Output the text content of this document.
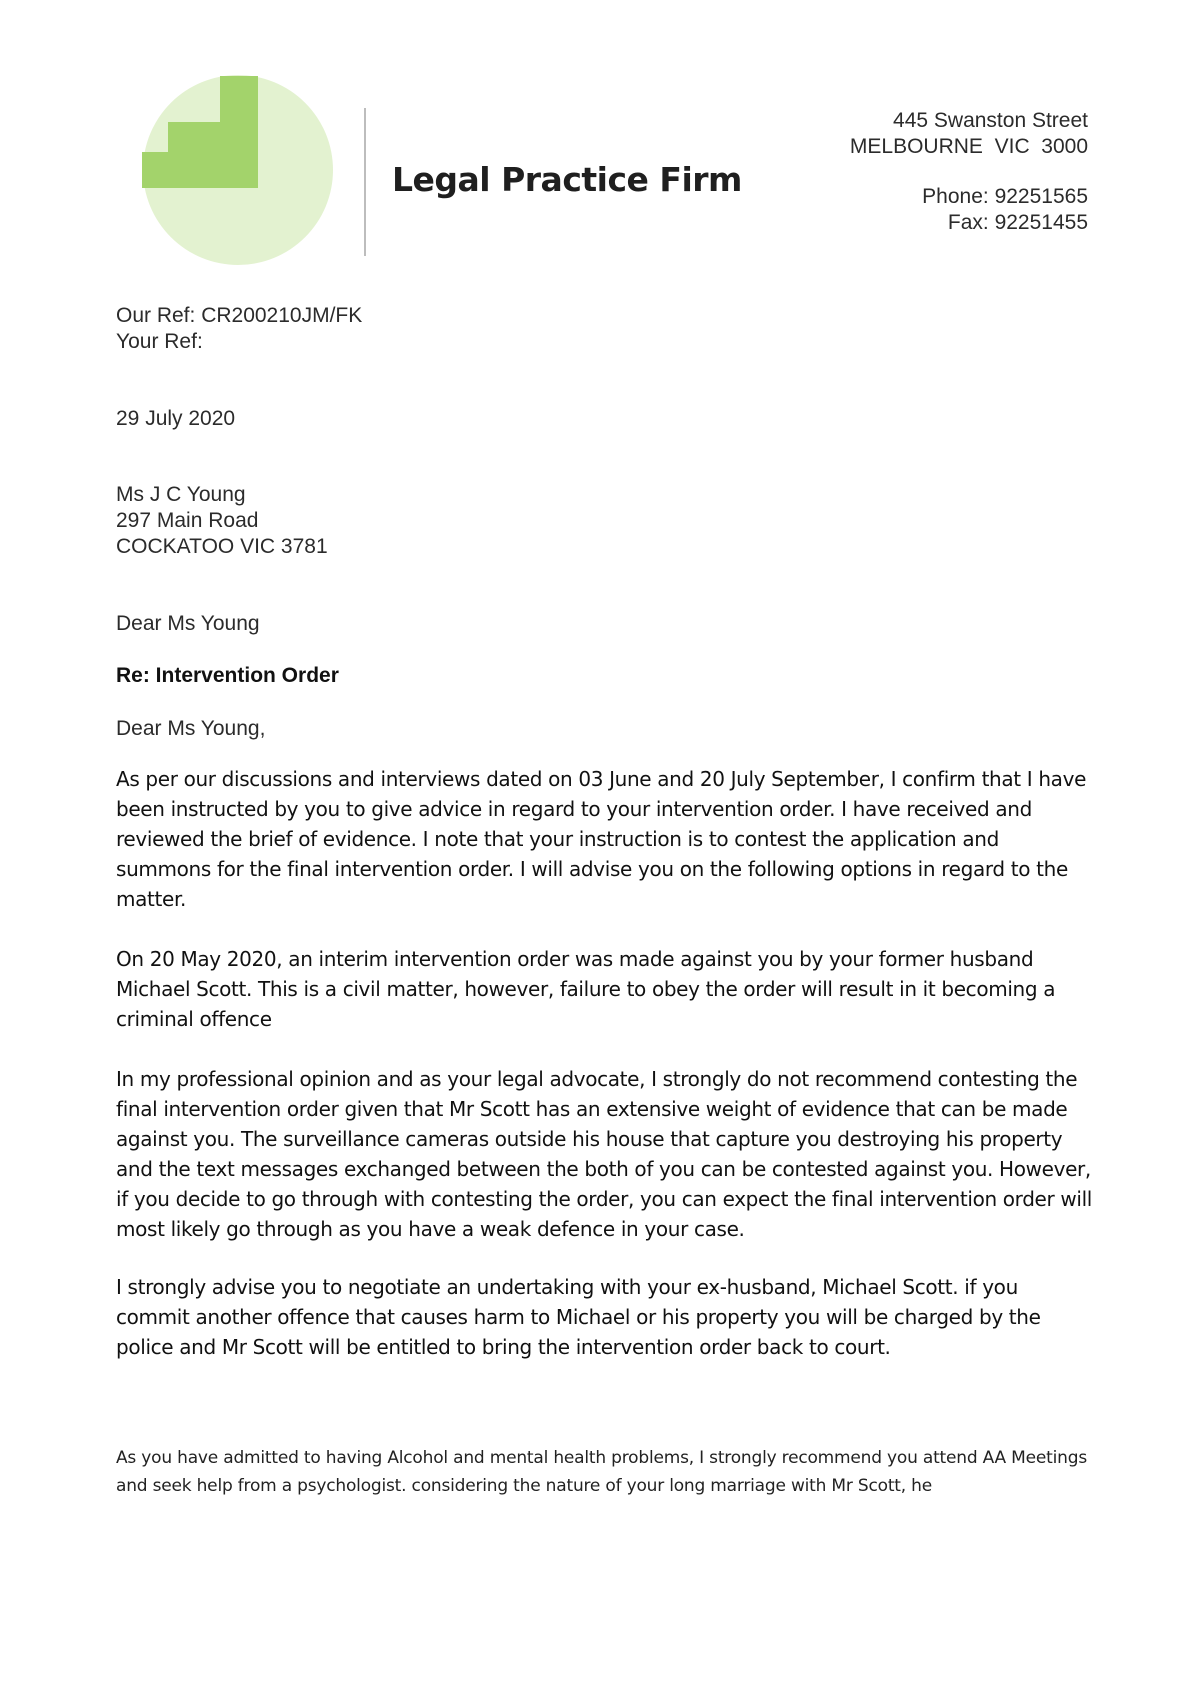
Legal Practice Firm
445 Swanston Street
MELBOURNE  VIC  3000
Phone: 92251565
Fax: 92251455
Our Ref: CR200210JM/FK
Your Ref:
29 July 2020
Ms J C Young
297 Main Road
COCKATOO VIC 3781
Dear Ms Young
Re: Intervention Order
Dear Ms Young,

As per our discussions and interviews dated on 03 June and 20 July September, I confirm that I have been instructed by you to give advice in regard to your intervention order. I have received and reviewed the brief of evidence. I note that your instruction is to contest the application and summons for the final intervention order. I will advise you on the following options in regard to the matter.

On 20 May 2020, an interim intervention order was made against you by your former husband Michael Scott. This is a civil matter, however, failure to obey the order will result in it becoming a criminal offence

In my professional opinion and as your legal advocate, I strongly do not recommend contesting the final intervention order given that Mr Scott has an extensive weight of evidence that can be made against you. The surveillance cameras outside his house that capture you destroying his property and the text messages exchanged between the both of you can be contested against you. However, if you decide to go through with contesting the order, you can expect the final intervention order will most likely go through as you have a weak defence in your case.

I strongly advise you to negotiate an undertaking with your ex-husband, Michael Scott. if you commit another offence that causes harm to Michael or his property you will be charged by the police and Mr Scott will be entitled to bring the intervention order back to court.

As you have admitted to having Alcohol and mental health problems, I strongly recommend you attend AA Meetings and seek help from a psychologist. considering the nature of your long marriage with Mr Scott, he
